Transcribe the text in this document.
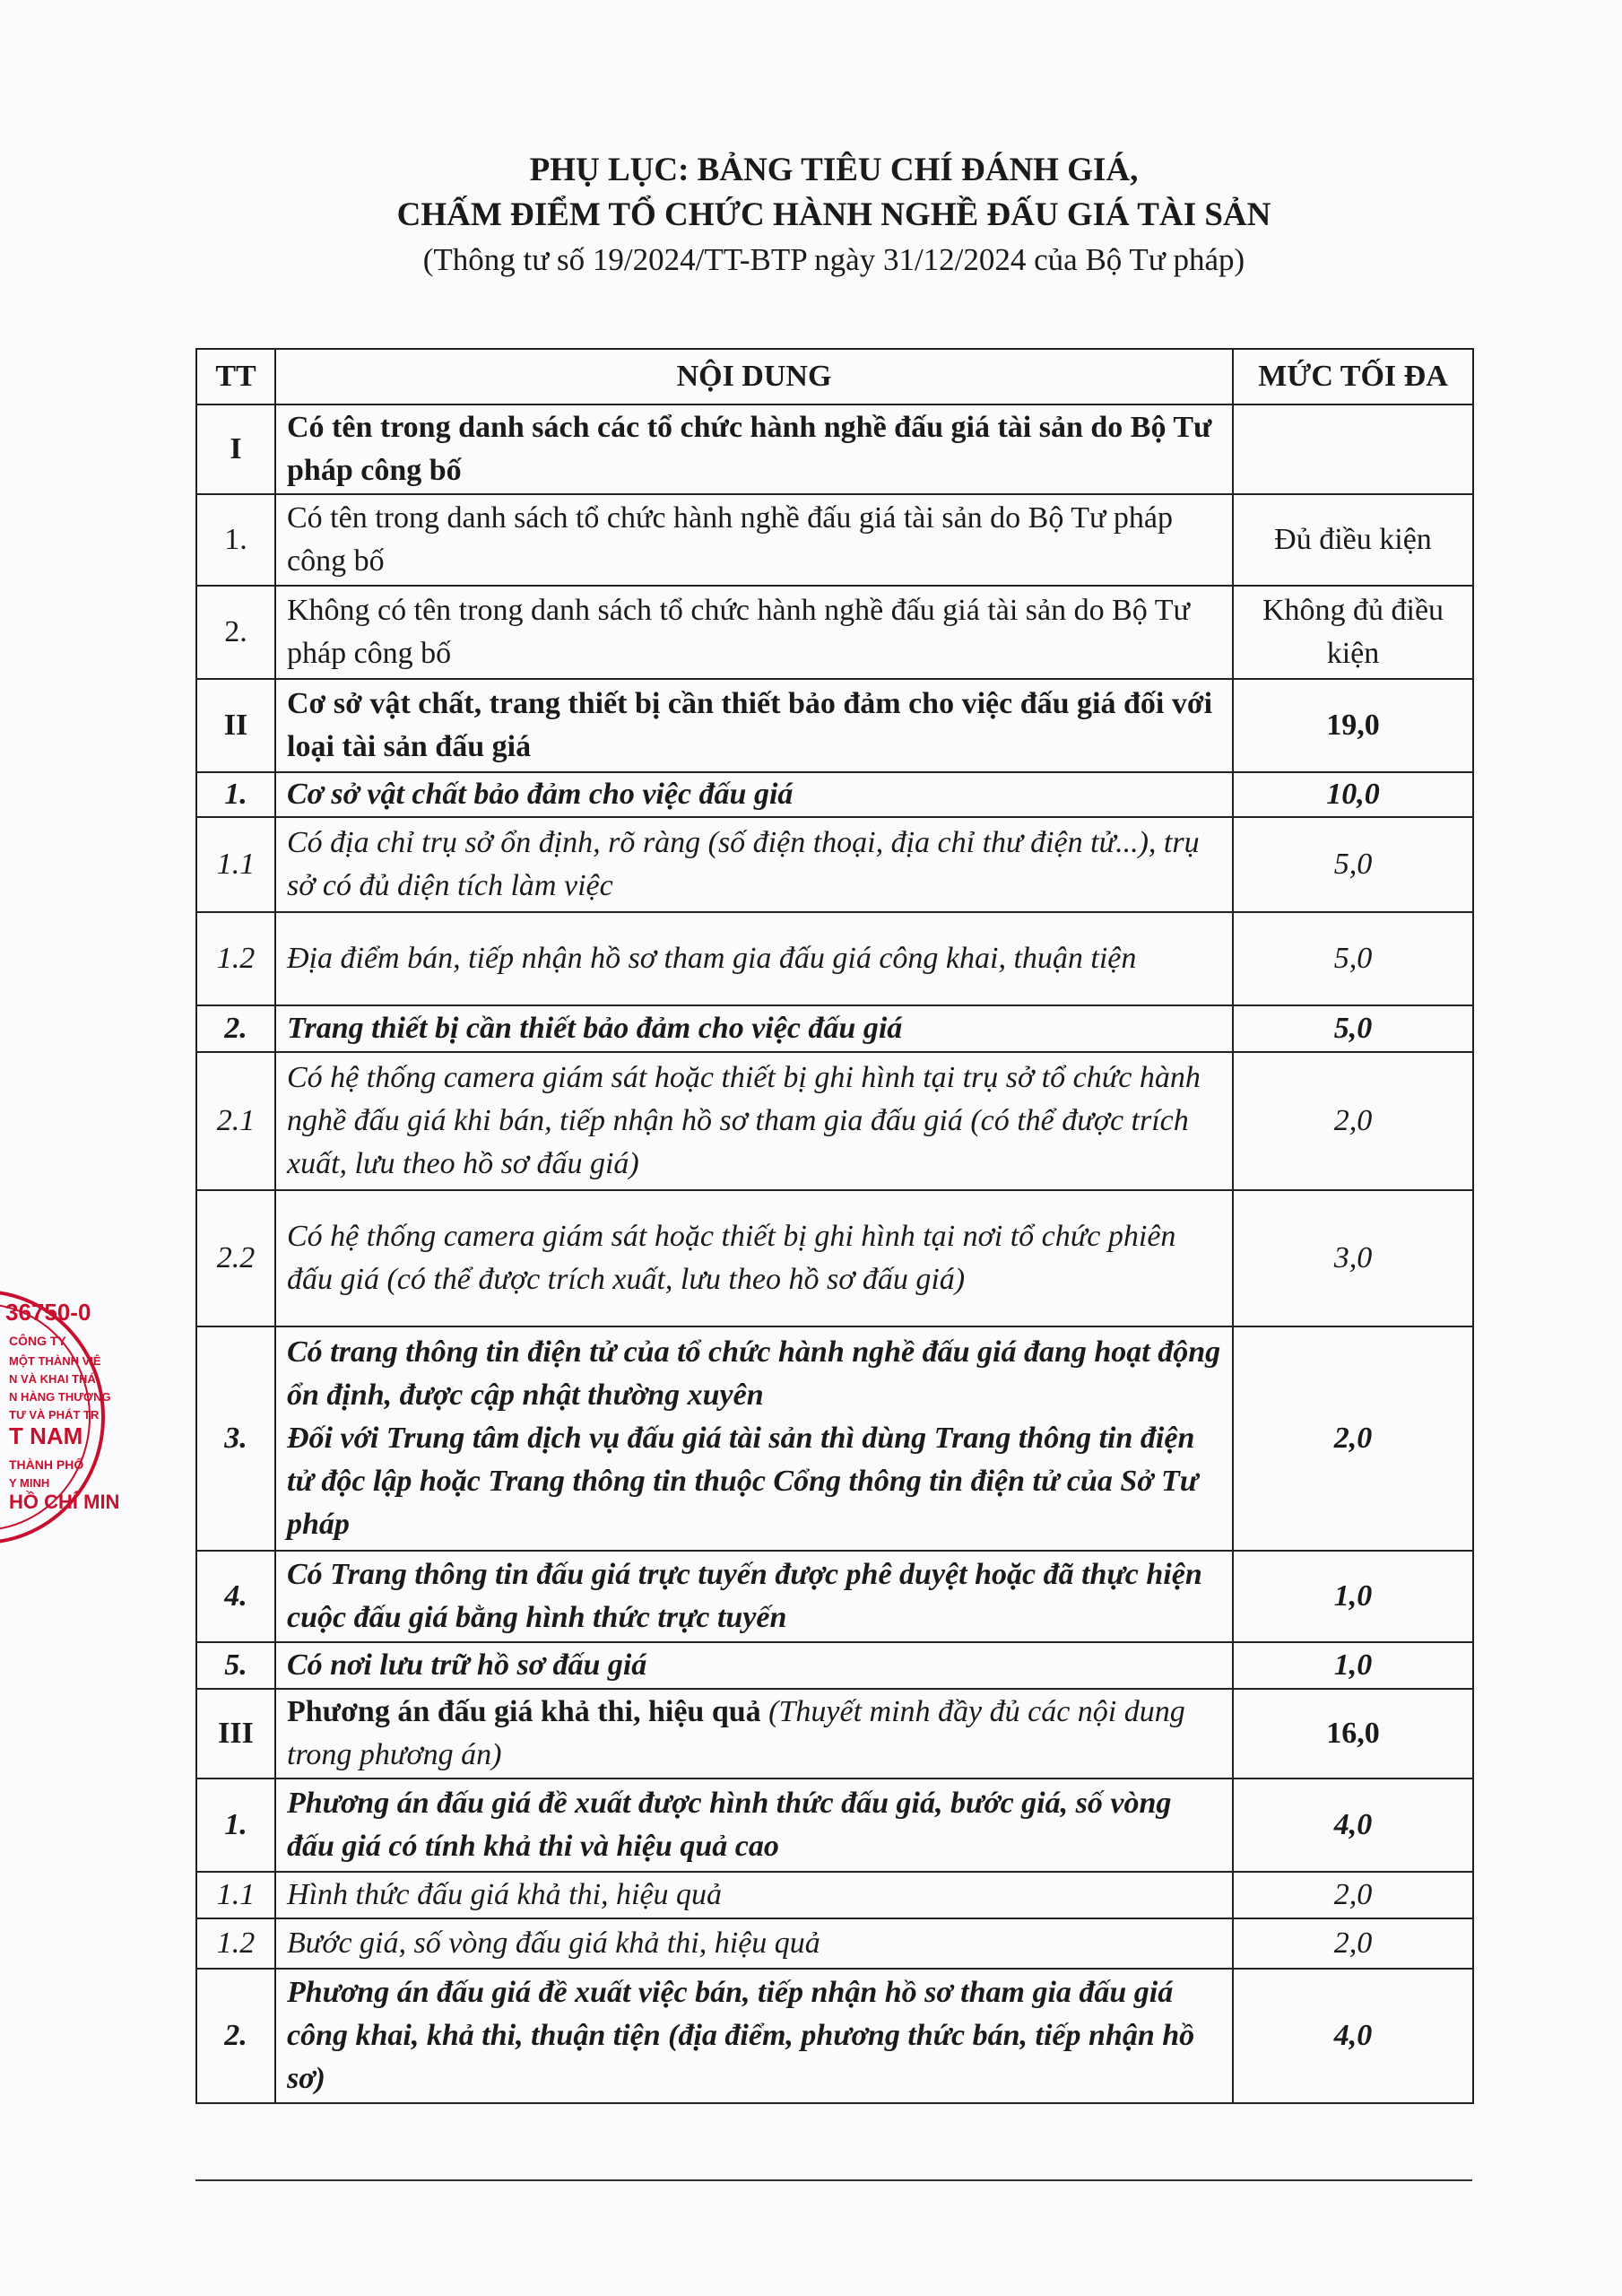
PHỤ LỤC: BẢNG TIÊU CHÍ ĐÁNH GIÁ,
CHẤM ĐIỂM TỔ CHỨC HÀNH NGHỀ ĐẤU GIÁ TÀI SẢN
(Thông tư số 19/2024/TT-BTP ngày 31/12/2024 của Bộ Tư pháp)
TT	NỘI DUNG	MỨC TỐI ĐA
I	Có tên trong danh sách các tổ chức hành nghề đấu giá tài sản do Bộ Tư pháp công bố	
1.	Có tên trong danh sách tổ chức hành nghề đấu giá tài sản do Bộ Tư pháp công bố	Đủ điều kiện
2.	Không có tên trong danh sách tổ chức hành nghề đấu giá tài sản do Bộ Tư pháp công bố	Không đủ điều kiện
II	Cơ sở vật chất, trang thiết bị cần thiết bảo đảm cho việc đấu giá đối với loại tài sản đấu giá	19,0
1.	Cơ sở vật chất bảo đảm cho việc đấu giá	10,0
1.1	Có địa chỉ trụ sở ổn định, rõ ràng (số điện thoại, địa chỉ thư điện tử...), trụ sở có đủ diện tích làm việc	5,0
1.2	Địa điểm bán, tiếp nhận hồ sơ tham gia đấu giá công khai, thuận tiện	5,0
2.	Trang thiết bị cần thiết bảo đảm cho việc đấu giá	5,0
2.1	Có hệ thống camera giám sát hoặc thiết bị ghi hình tại trụ sở tổ chức hành nghề đấu giá khi bán, tiếp nhận hồ sơ tham gia đấu giá (có thể được trích xuất, lưu theo hồ sơ đấu giá)	2,0
2.2	Có hệ thống camera giám sát hoặc thiết bị ghi hình tại nơi tổ chức phiên đấu giá (có thể được trích xuất, lưu theo hồ sơ đấu giá)	3,0
3.	Có trang thông tin điện tử của tổ chức hành nghề đấu giá đang hoạt động ổn định, được cập nhật thường xuyên
Đối với Trung tâm dịch vụ đấu giá tài sản thì dùng Trang thông tin điện tử độc lập hoặc Trang thông tin thuộc Cổng thông tin điện tử của Sở Tư pháp	2,0
4.	Có Trang thông tin đấu giá trực tuyến được phê duyệt hoặc đã thực hiện cuộc đấu giá bằng hình thức trực tuyến	1,0
5.	Có nơi lưu trữ hồ sơ đấu giá	1,0
III	Phương án đấu giá khả thi, hiệu quả (Thuyết minh đầy đủ các nội dung trong phương án)	16,0
1.	Phương án đấu giá đề xuất được hình thức đấu giá, bước giá, số vòng đấu giá có tính khả thi và hiệu quả cao	4,0
1.1	Hình thức đấu giá khả thi, hiệu quả	2,0
1.2	Bước giá, số vòng đấu giá khả thi, hiệu quả	2,0
2.	Phương án đấu giá đề xuất việc bán, tiếp nhận hồ sơ tham gia đấu giá công khai, khả thi, thuận tiện (địa điểm, phương thức bán, tiếp nhận hồ sơ)	4,0
36750-0
CÔNG TY
MỘT THÀNH VIÊ
N VÀ KHAI THÁ
N HÀNG THƯƠNG
TƯ VÀ PHÁT TR
T NAM
THÀNH PHỐ
Y MINH
HỒ CHÍ MIN
